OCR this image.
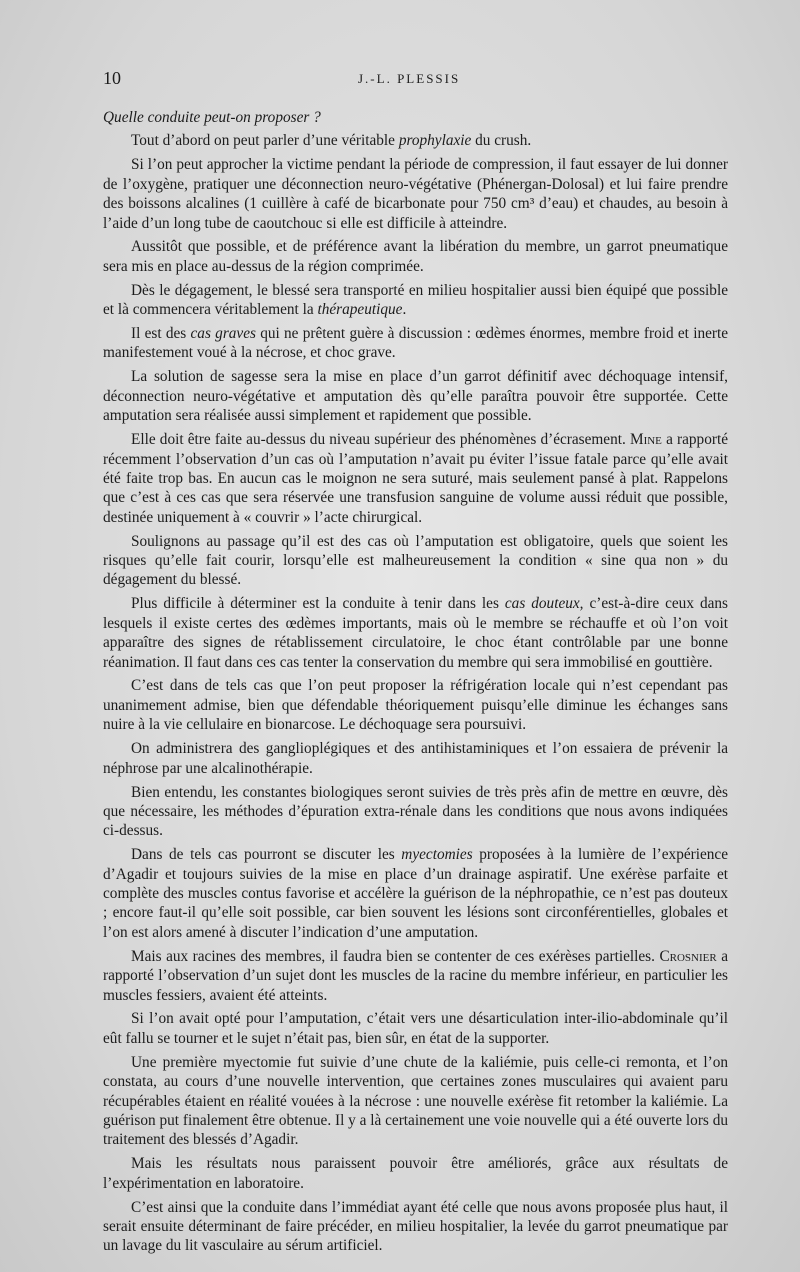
10	J.-L. PLESSIS

Quelle conduite peut-on proposer ?

Tout d’abord on peut parler d’une véritable prophylaxie du crush.

Si l’on peut approcher la victime pendant la période de compression, il faut essayer de lui donner de l’oxygène, pratiquer une déconnection neuro-végétative (Phénergan-Dolosal) et lui faire prendre des boissons alcalines (1 cuillère à café de bicarbonate pour 750 cm³ d’eau) et chaudes, au besoin à l’aide d’un long tube de caoutchouc si elle est difficile à atteindre.

Aussitôt que possible, et de préférence avant la libération du membre, un garrot pneumatique sera mis en place au-dessus de la région comprimée.

Dès le dégagement, le blessé sera transporté en milieu hospitalier aussi bien équipé que possible et là commencera véritablement la thérapeutique.

Il est des cas graves qui ne prêtent guère à discussion : œdèmes énormes, membre froid et inerte manifestement voué à la nécrose, et choc grave.

La solution de sagesse sera la mise en place d’un garrot définitif avec déchoquage intensif, déconnection neuro-végétative et amputation dès qu’elle paraîtra pouvoir être supportée. Cette amputation sera réalisée aussi simplement et rapidement que possible.

Elle doit être faite au-dessus du niveau supérieur des phénomènes d’écrasement. Mine a rapporté récemment l’observation d’un cas où l’amputation n’avait pu éviter l’issue fatale parce qu’elle avait été faite trop bas. En aucun cas le moignon ne sera suturé, mais seulement pansé à plat. Rappelons que c’est à ces cas que sera réservée une transfusion sanguine de volume aussi réduit que possible, destinée uniquement à « couvrir » l’acte chirurgical.

Soulignons au passage qu’il est des cas où l’amputation est obligatoire, quels que soient les risques qu’elle fait courir, lorsqu’elle est malheureusement la condition « sine qua non » du dégagement du blessé.

Plus difficile à déterminer est la conduite à tenir dans les cas douteux, c’est-à-dire ceux dans lesquels il existe certes des œdèmes importants, mais où le membre se réchauffe et où l’on voit apparaître des signes de rétablissement circulatoire, le choc étant contrôlable par une bonne réanimation. Il faut dans ces cas tenter la conservation du membre qui sera immobilisé en gouttière.

C’est dans de tels cas que l’on peut proposer la réfrigération locale qui n’est cependant pas unanimement admise, bien que défendable théoriquement puisqu’elle diminue les échanges sans nuire à la vie cellulaire en bionarcose. Le déchoquage sera poursuivi.

On administrera des ganglioplégiques et des antihistaminiques et l’on essaiera de prévenir la néphrose par une alcalinothérapie.

Bien entendu, les constantes biologiques seront suivies de très près afin de mettre en œuvre, dès que nécessaire, les méthodes d’épuration extra-rénale dans les conditions que nous avons indiquées ci-dessus.

Dans de tels cas pourront se discuter les myectomies proposées à la lumière de l’expérience d’Agadir et toujours suivies de la mise en place d’un drainage aspiratif. Une exérèse parfaite et complète des muscles contus favorise et accélère la guérison de la néphropathie, ce n’est pas douteux ; encore faut-il qu’elle soit possible, car bien souvent les lésions sont circonférentielles, globales et l’on est alors amené à discuter l’indication d’une amputation.

Mais aux racines des membres, il faudra bien se contenter de ces exérèses partielles. Crosnier a rapporté l’observation d’un sujet dont les muscles de la racine du membre inférieur, en particulier les muscles fessiers, avaient été atteints.

Si l’on avait opté pour l’amputation, c’était vers une désarticulation inter-ilio-abdominale qu’il eût fallu se tourner et le sujet n’était pas, bien sûr, en état de la supporter.

Une première myectomie fut suivie d’une chute de la kaliémie, puis celle-ci remonta, et l’on constata, au cours d’une nouvelle intervention, que certaines zones musculaires qui avaient paru récupérables étaient en réalité vouées à la nécrose : une nouvelle exérèse fit retomber la kaliémie. La guérison put finalement être obtenue. Il y a là certainement une voie nouvelle qui a été ouverte lors du traitement des blessés d’Agadir.

Mais les résultats nous paraissent pouvoir être améliorés, grâce aux résultats de l’expérimentation en laboratoire.

C’est ainsi que la conduite dans l’immédiat ayant été celle que nous avons proposée plus haut, il serait ensuite déterminant de faire précéder, en milieu hospitalier, la levée du garrot pneumatique par un lavage du lit vasculaire au sérum artificiel.
